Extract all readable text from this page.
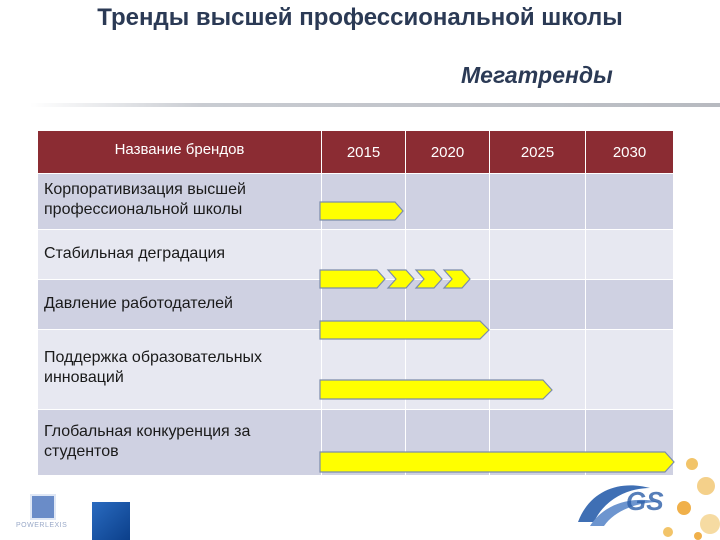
Тренды высшей профессиональной школы
Мегатренды
Название брендов	2015	2020	2025	2030
Корпоративизация высшей профессиональной школы				
Стабильная деградация				
Давление работодателей				
Поддержка образовательных инноваций				
Глобальная конкуренция за студентов				
POWERLEXIS
GS
